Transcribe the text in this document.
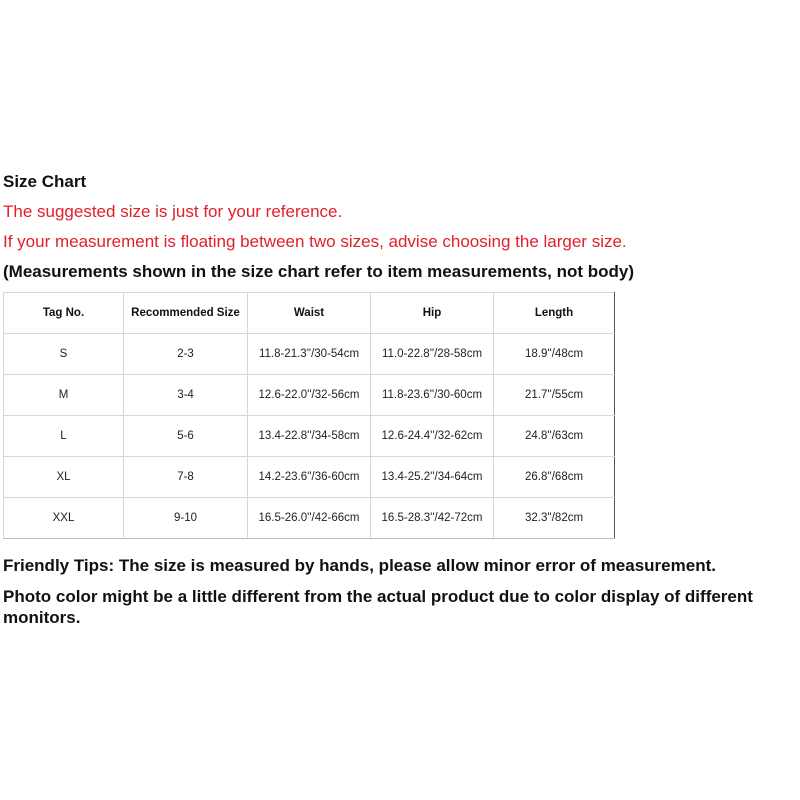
Size Chart
The suggested size is just for your reference.
If your measurement is floating between two sizes, advise choosing the larger size.
(Measurements shown in the size chart refer to item measurements, not body)
Tag No.	Recommended Size	Waist	Hip	Length
S	2-3	11.8-21.3''/30-54cm	11.0-22.8''/28-58cm	18.9''/48cm
M	3-4	12.6-22.0''/32-56cm	11.8-23.6''/30-60cm	21.7''/55cm
L	5-6	13.4-22.8''/34-58cm	12.6-24.4''/32-62cm	24.8''/63cm
XL	7-8	14.2-23.6''/36-60cm	13.4-25.2''/34-64cm	26.8''/68cm
XXL	9-10	16.5-26.0''/42-66cm	16.5-28.3''/42-72cm	32.3''/82cm
Friendly Tips: The size is measured by hands, please allow minor error of measurement.
Photo color might be a little different from the actual product due to color display of different monitors.
